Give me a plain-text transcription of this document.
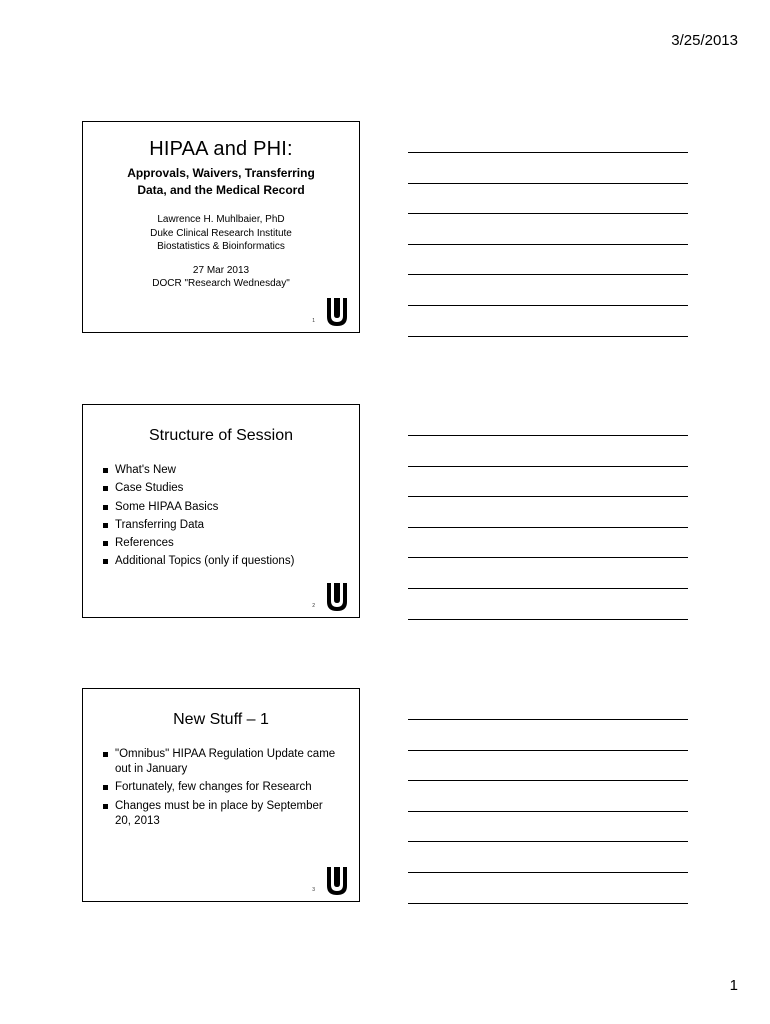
3/25/2013
HIPAA and PHI:
Approvals, Waivers, Transferring
Data, and the Medical Record
Lawrence H. Muhlbaier, PhD
Duke Clinical Research Institute
Biostatistics & Bioinformatics
27 Mar 2013
DOCR "Research Wednesday"
1
Structure of Session
What's New
Case Studies
Some HIPAA Basics
Transferring Data
References
Additional Topics (only if questions)
2
New Stuff – 1
"Omnibus" HIPAA Regulation Update came out in January
Fortunately, few changes for Research
Changes must be in place by September 20, 2013
3
1
